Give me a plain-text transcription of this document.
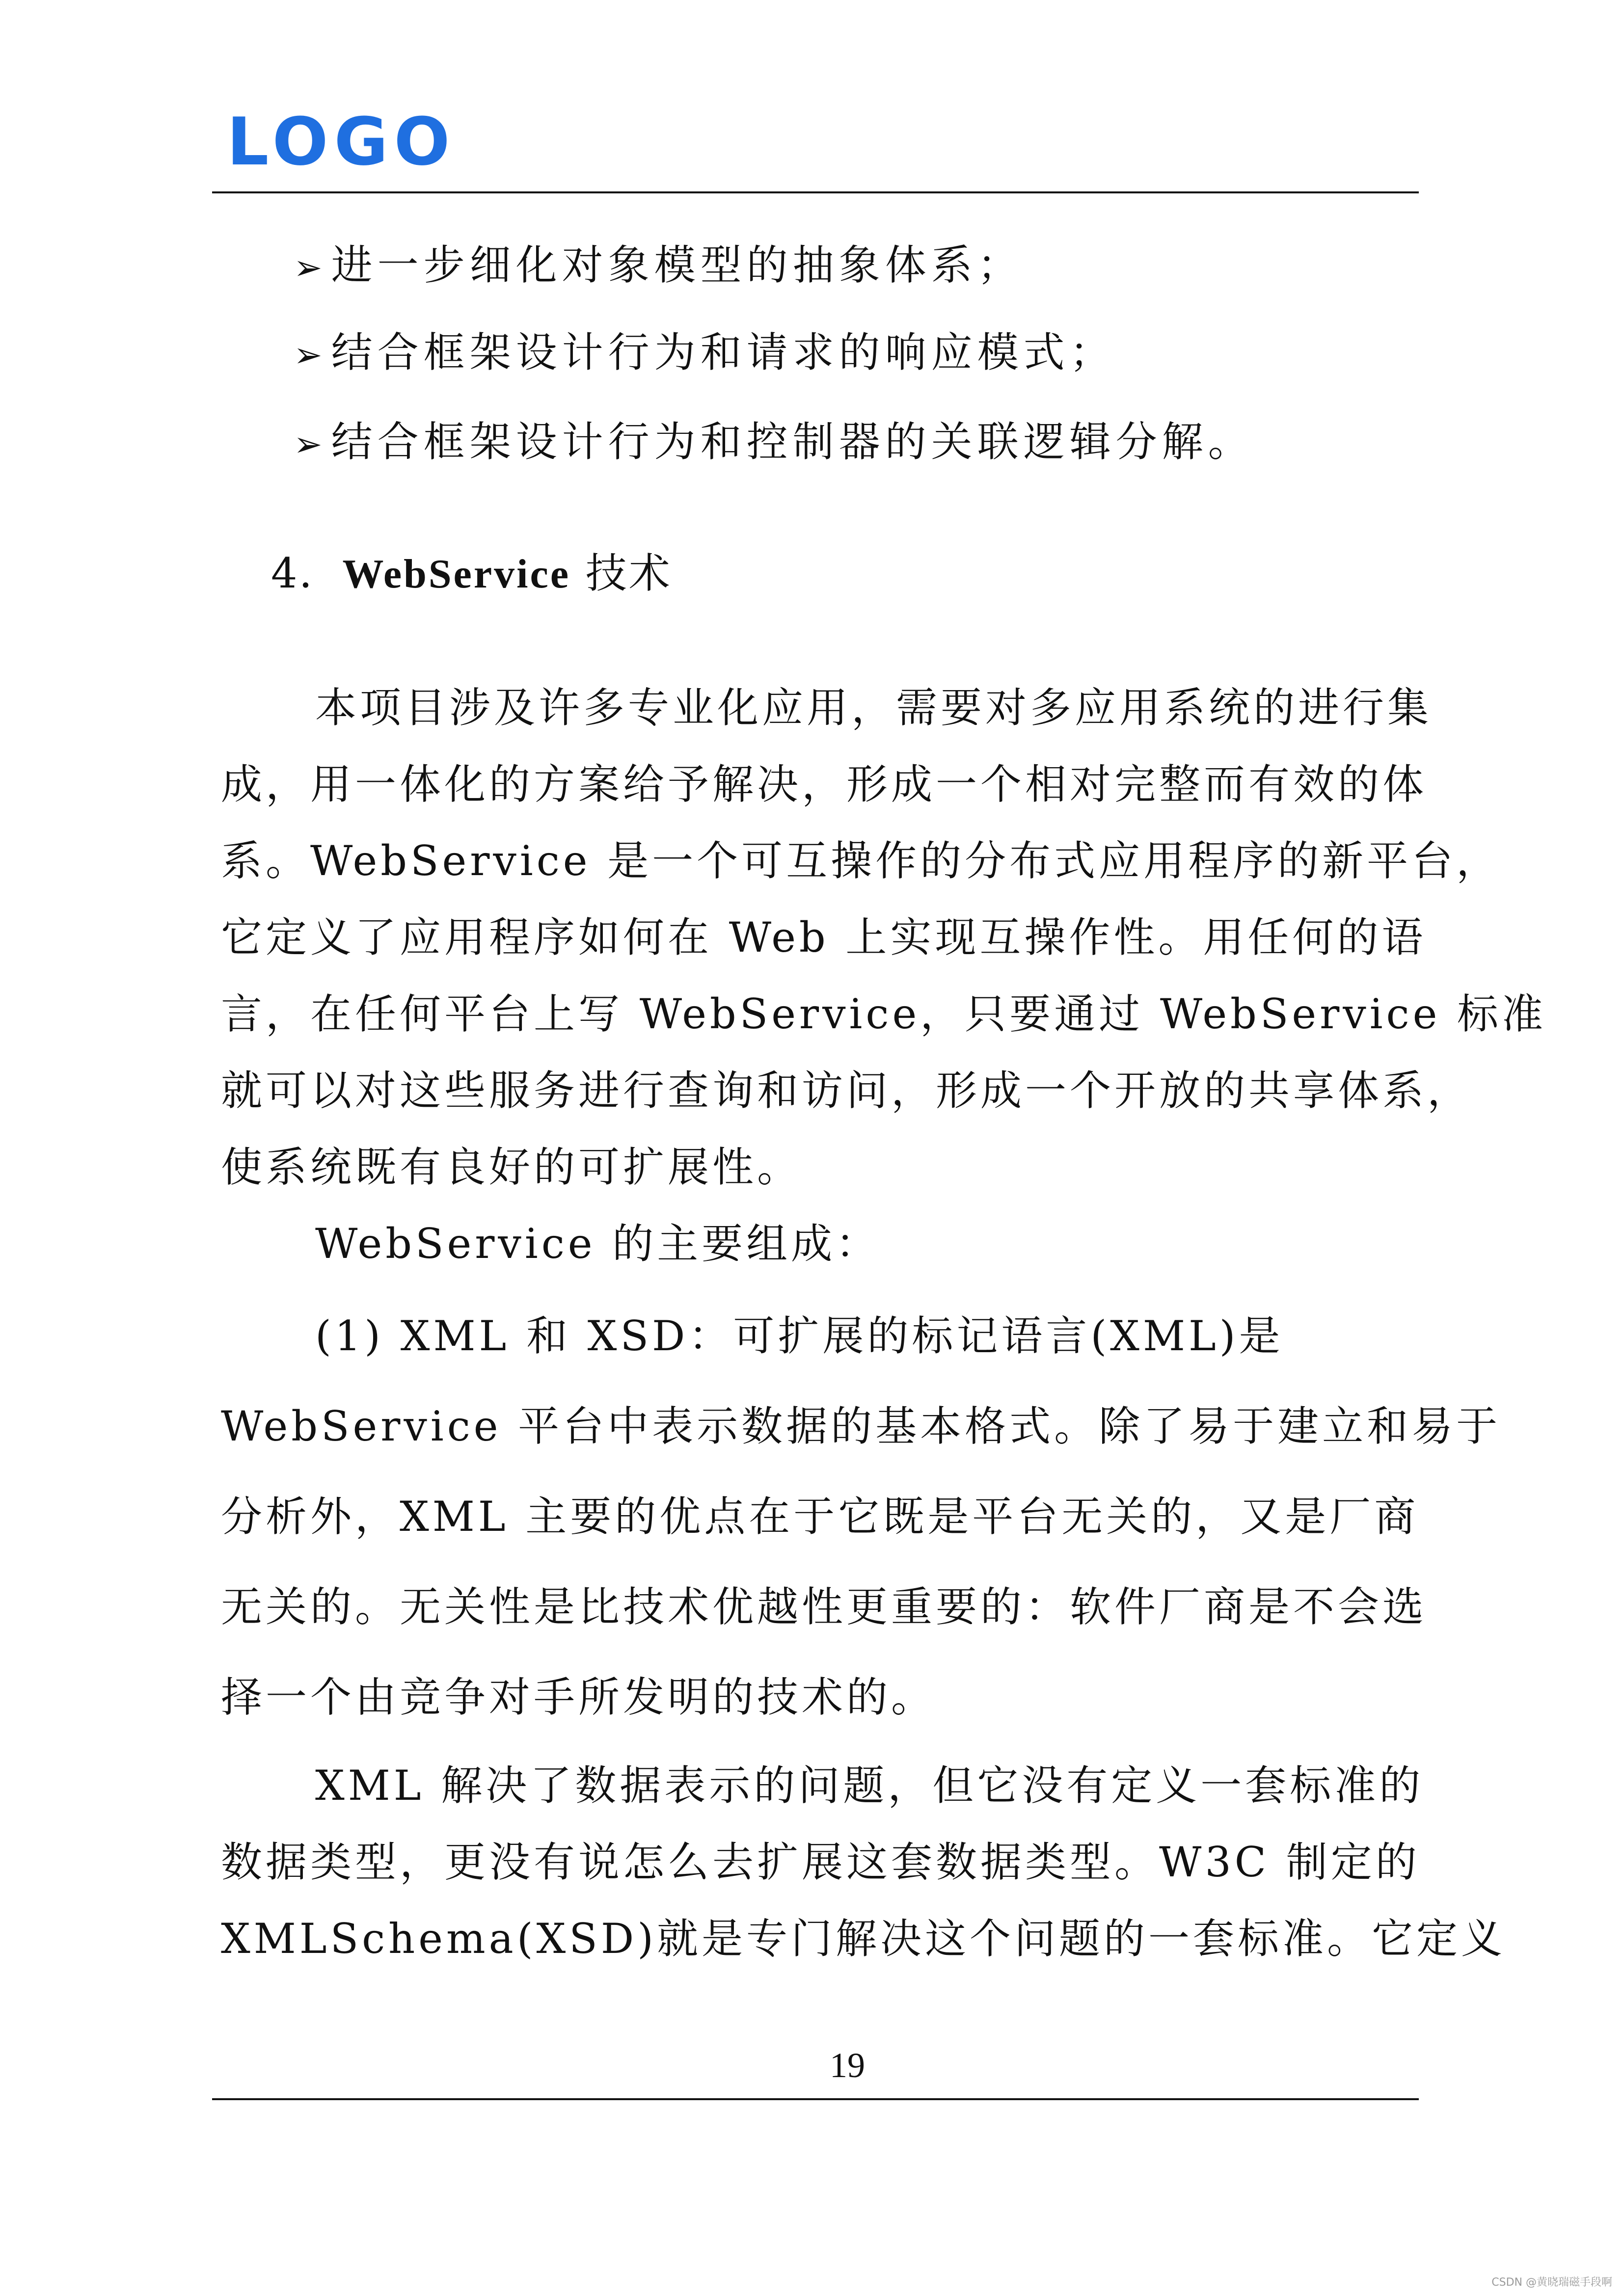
LOGO
➢进一步细化对象模型的抽象体系；
➢结合框架设计行为和请求的响应模式；
➢结合框架设计行为和控制器的关联逻辑分解。
4．WebService 技术
本项目涉及许多专业化应用，需要对多应用系统的进行集
成，用一体化的方案给予解决，形成一个相对完整而有效的体
系。WebService 是一个可互操作的分布式应用程序的新平台，
它定义了应用程序如何在 Web 上实现互操作性。用任何的语
言，在任何平台上写 WebService，只要通过 WebService 标准
就可以对这些服务进行查询和访问，形成一个开放的共享体系，
使系统既有良好的可扩展性。
WebService 的主要组成：
(1) XML 和 XSD：可扩展的标记语言(XML)是
WebService 平台中表示数据的基本格式。除了易于建立和易于
分析外，XML 主要的优点在于它既是平台无关的，又是厂商
无关的。无关性是比技术优越性更重要的：软件厂商是不会选
择一个由竞争对手所发明的技术的。
XML 解决了数据表示的问题，但它没有定义一套标准的
数据类型，更没有说怎么去扩展这套数据类型。W3C 制定的
XMLSchema(XSD)就是专门解决这个问题的一套标准。它定义
19
CSDN @黄晓瑞磁手段啊
